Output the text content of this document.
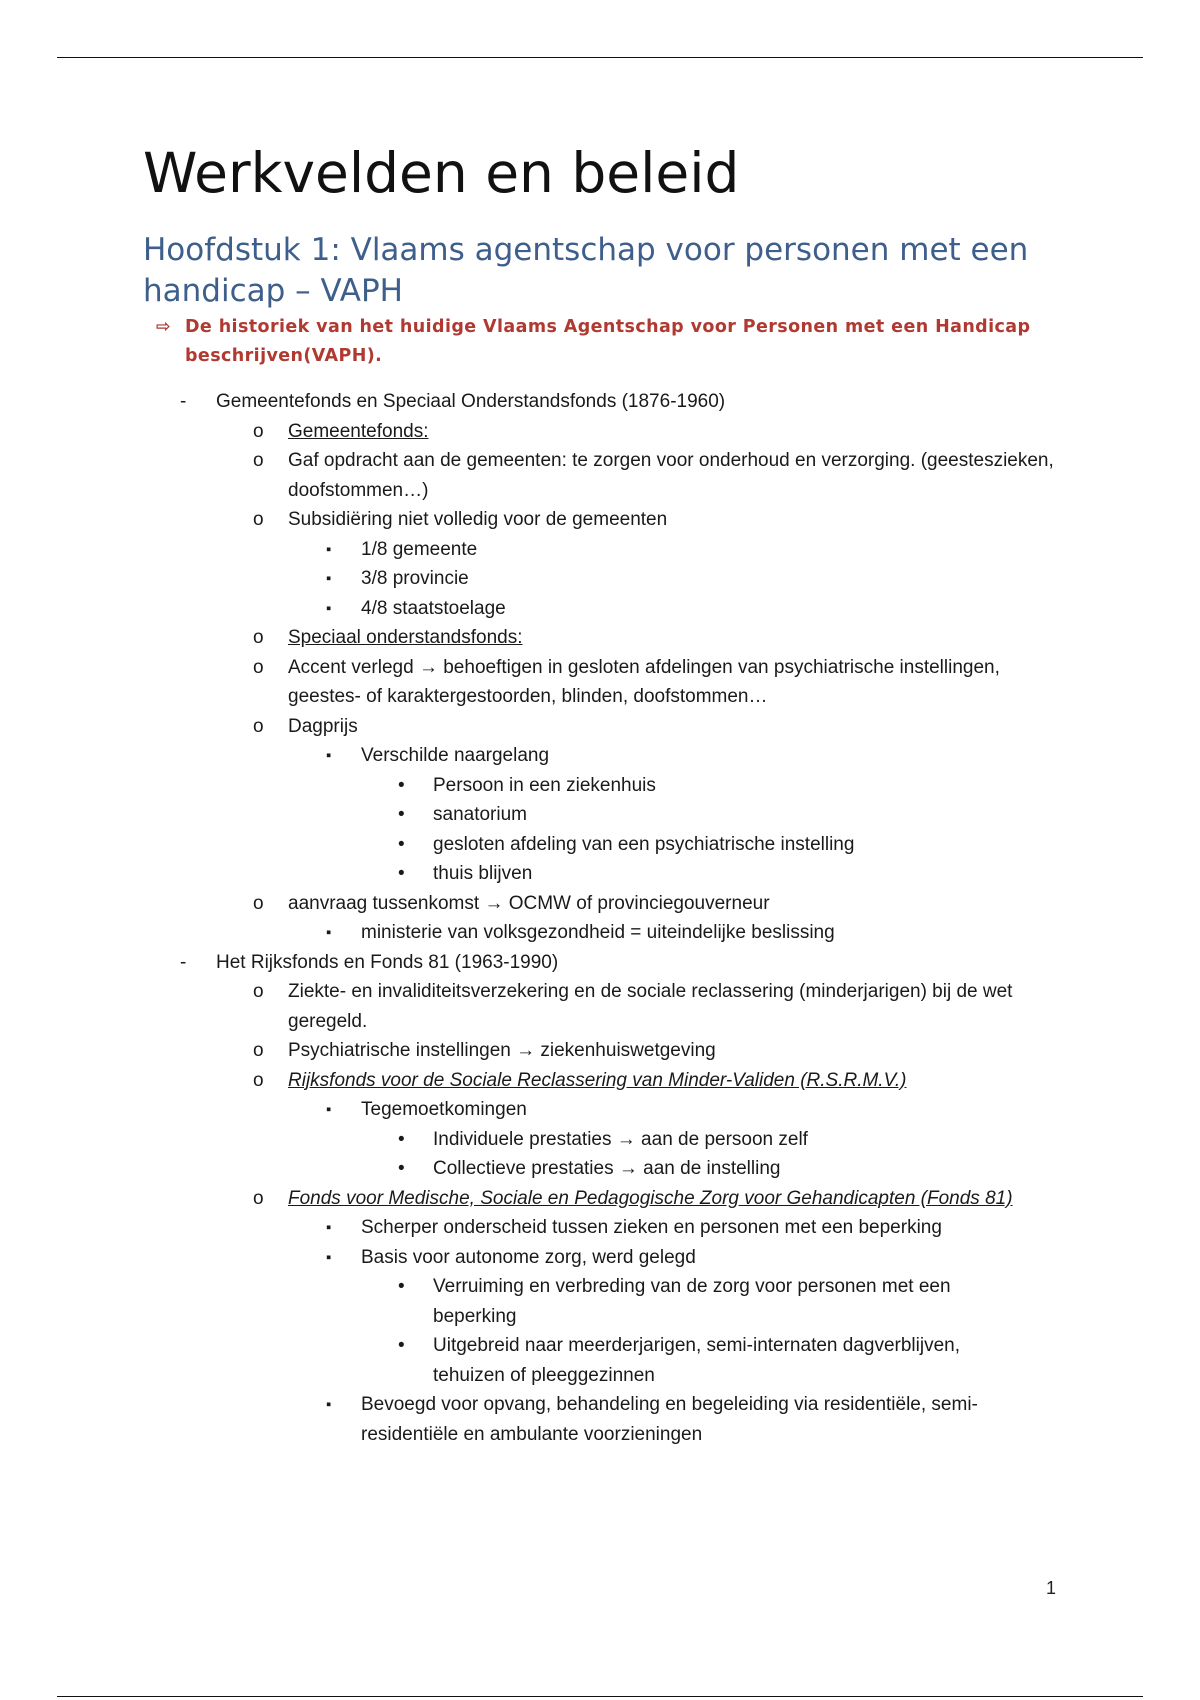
Werkvelden en beleid
Hoofdstuk 1: Vlaams agentschap voor personen met een handicap – VAPH
⇨ De historiek van het huidige Vlaams Agentschap voor Personen met een Handicap beschrijven(VAPH).
- Gemeentefonds en Speciaal Onderstandsfonds (1876-1960)
o Gemeentefonds:
o Gaf opdracht aan de gemeenten: te zorgen voor onderhoud en verzorging. (geesteszieken, doofstommen…)
o Subsidiëring niet volledig voor de gemeenten
▪ 1/8 gemeente
▪ 3/8 provincie
▪ 4/8 staatstoelage
o Speciaal onderstandsfonds:
o Accent verlegd → behoeftigen in gesloten afdelingen van psychiatrische instellingen, geestes- of karaktergestoorden, blinden, doofstommen…
o Dagprijs
▪ Verschilde naargelang
• Persoon in een ziekenhuis
• sanatorium
• gesloten afdeling van een psychiatrische instelling
• thuis blijven
o aanvraag tussenkomst → OCMW of provinciegouverneur
▪ ministerie van volksgezondheid = uiteindelijke beslissing
- Het Rijksfonds en Fonds 81 (1963-1990)
o Ziekte- en invaliditeitsverzekering en de sociale reclassering (minderjarigen) bij de wet geregeld.
o Psychiatrische instellingen → ziekenhuiswetgeving
o Rijksfonds voor de Sociale Reclassering van Minder-Validen (R.S.R.M.V.)
▪ Tegemoetkomingen
• Individuele prestaties → aan de persoon zelf
• Collectieve prestaties → aan de instelling
o Fonds voor Medische, Sociale en Pedagogische Zorg voor Gehandicapten (Fonds 81)
▪ Scherper onderscheid tussen zieken en personen met een beperking
▪ Basis voor autonome zorg, werd gelegd
• Verruiming en verbreding van de zorg voor personen met een beperking
• Uitgebreid naar meerderjarigen, semi-internaten dagverblijven, tehuizen of pleeggezinnen
▪ Bevoegd voor opvang, behandeling en begeleiding via residentiële, semi-residentiële en ambulante voorzieningen
1
